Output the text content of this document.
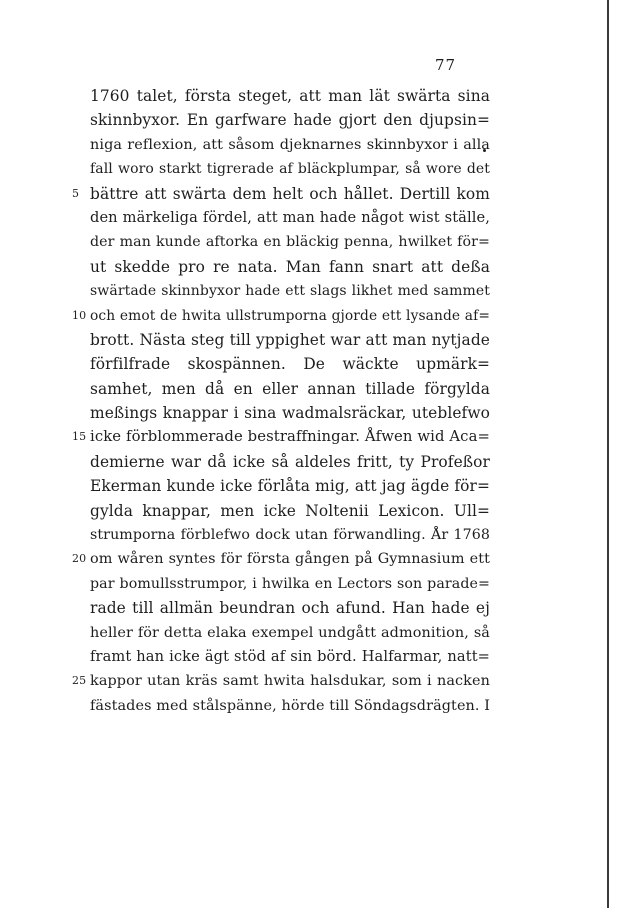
77
1760 talet, första steget, att man lät swärta sina
skinnbyxor. En garfware hade gjort den djupsin=
niga reflexion, att såsom djeknarnes skinnbyxor i alla
fall woro starkt tigrerade af bläckplumpar, så wore det
5 bättre att swärta dem helt och hållet. Dertill kom
den märkeliga fördel, att man hade något wist ställe,
der man kunde aftorka en bläckig penna, hwilket för=
ut skedde pro re nata. Man fann snart att deßa
swärtade skinnbyxor hade ett slags likhet med sammet
10 och emot de hwita ullstrumporna gjorde ett lysande af=
brott. Nästa steg till yppighet war att man nytjade
förfilfrade skospännen. De wäckte upmärk=
samhet, men då en eller annan tillade förgylda
meßings knappar i sina wadmalsräckar, uteblefwo
15 icke förblommerade bestraffningar. Åfwen wid Aca=
demierne war då icke så aldeles fritt, ty Profeßor
Ekerman kunde icke förlåta mig, att jag ägde för=
gylda knappar, men icke Noltenii Lexicon. Ull=
strumporna förblefwo dock utan förwandling. År 1768
20 om wåren syntes för första gången på Gymnasium ett
par bomullsstrumpor, i hwilka en Lectors son parade=
rade till allmän beundran och afund. Han hade ej
heller för detta elaka exempel undgått admonition, så
framt han icke ägt stöd af sin börd. Halfarmar, natt=
25 kappor utan kräs samt hwita halsdukar, som i nacken
fästades med stålspänne, hörde till Söndagsdrägten. I
